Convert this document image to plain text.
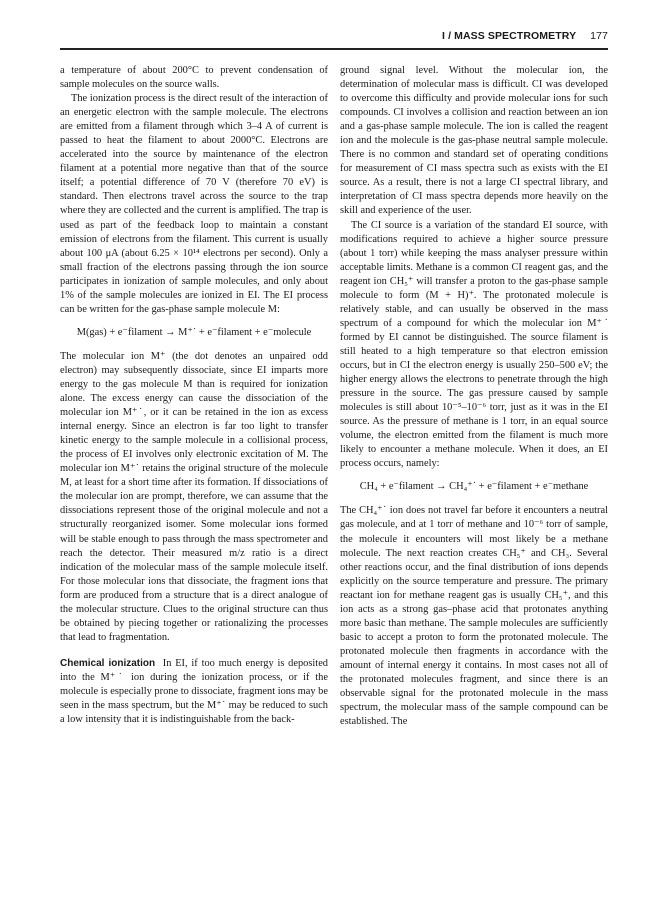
I / MASS SPECTROMETRY 177

a temperature of about 200°C to prevent condensation of sample molecules on the source walls.

The ionization process is the direct result of the interaction of an energetic electron with the sample molecule. The electrons are emitted from a filament through which 3–4 A of current is passed to heat the filament to about 2000°C. Electrons are accelerated into the source by maintenance of the electron filament at a potential more negative than that of the source itself; a potential difference of 70 V (therefore 70 eV) is standard. Then electrons travel across the source to the trap where they are collected and the current is amplified. The trap is used as part of the feedback loop to maintain a constant emission of electrons from the filament. This current is usually about 100 μA (about 6.25 × 10¹⁴ electrons per second). Only a small fraction of the electrons passing through the ion source participates in ionization of sample molecules, and only about 1% of the sample molecules are ionized in EI. The EI process can be written for the gas-phase sample molecule M:

M(gas) + e⁻filament → M⁺˙ + e⁻filament + e⁻molecule

The molecular ion M⁺ (the dot denotes an unpaired odd electron) may subsequently dissociate, since EI imparts more energy to the gas molecule M than is required for ionization alone. The excess energy can cause the dissociation of the molecular ion M⁺˙, or it can be retained in the ion as excess internal energy. Since an electron is far too light to transfer kinetic energy to the sample molecule in a collisional process, the process of EI involves only electronic excitation of M. The molecular ion M⁺˙ retains the original structure of the molecule M, at least for a short time after its formation. If dissociations of the molecular ion are prompt, therefore, we can assume that the dissociations represent those of the original molecule and not a structurally reorganized isomer. Some molecular ions formed will be stable enough to pass through the mass spectrometer and reach the detector. Their measured m/z ratio is a direct indication of the molecular mass of the sample molecule itself. For those molecular ions that dissociate, the fragment ions that form are produced from a structure that is a direct analogue of the molecular structure. Clues to the original structure can thus be obtained by piecing together or rationalizing the processes that lead to fragmentation.

Chemical ionization In EI, if too much energy is deposited into the M⁺˙ ion during the ionization process, or if the molecule is especially prone to dissociate, fragment ions may be seen in the mass spectrum, but the M⁺˙ may be reduced to such a low intensity that it is indistinguishable from the back-

ground signal level. Without the molecular ion, the determination of molecular mass is difficult. CI was developed to overcome this difficulty and provide molecular ions for such compounds. CI involves a collision and reaction between an ion and a gas-phase sample molecule. The ion is called the reagent ion and the molecule is the gas-phase neutral sample molecule. There is no common and standard set of operating conditions for measurement of CI mass spectra such as exists with the EI source. As a result, there is not a large CI spectral library, and interpretation of CI mass spectra depends more heavily on the skill and experience of the user.

The CI source is a variation of the standard EI source, with modifications required to achieve a higher source pressure (about 1 torr) while keeping the mass analyser pressure within acceptable limits. Methane is a common CI reagent gas, and the reagent ion CH₅⁺ will transfer a proton to the gas-phase sample molecule to form (M + H)⁺. The protonated molecule is relatively stable, and can usually be observed in the mass spectrum of a compound for which the molecular ion M⁺˙ formed by EI cannot be distinguished. The source filament is still heated to a high temperature so that electron emission occurs, but in CI the electron energy is usually 250–500 eV; the higher energy allows the electrons to penetrate through the high pressure in the source. The gas pressure caused by sample molecules is still about 10⁻⁵–10⁻⁶ torr, just as it was in the EI source. As the pressure of methane is 1 torr, in an equal source volume, the electron emitted from the filament is much more likely to encounter a methane molecule. When it does, an EI process occurs, namely:

CH₄ + e⁻filament → CH₄⁺˙ + e⁻filament + e⁻methane

The CH₄⁺˙ ion does not travel far before it encounters a neutral gas molecule, and at 1 torr of methane and 10⁻⁶ torr of sample, the molecule it encounters will most likely be a methane molecule. The next reaction creates CH₅⁺ and CH₃. Several other reactions occur, and the final distribution of ions depends explicitly on the source temperature and pressure. The primary reactant ion for methane reagent gas is usually CH₅⁺, and this ion acts as a strong gas–phase acid that protonates anything more basic than methane. The sample molecules are sufficiently basic to accept a proton to form the protonated molecule. The protonated molecule then fragments in accordance with the amount of internal energy it contains. In most cases not all of the protonated molecules fragment, and since there is an observable signal for the protonated molecule in the mass spectrum, the molecular mass of the sample compound can be established. The
